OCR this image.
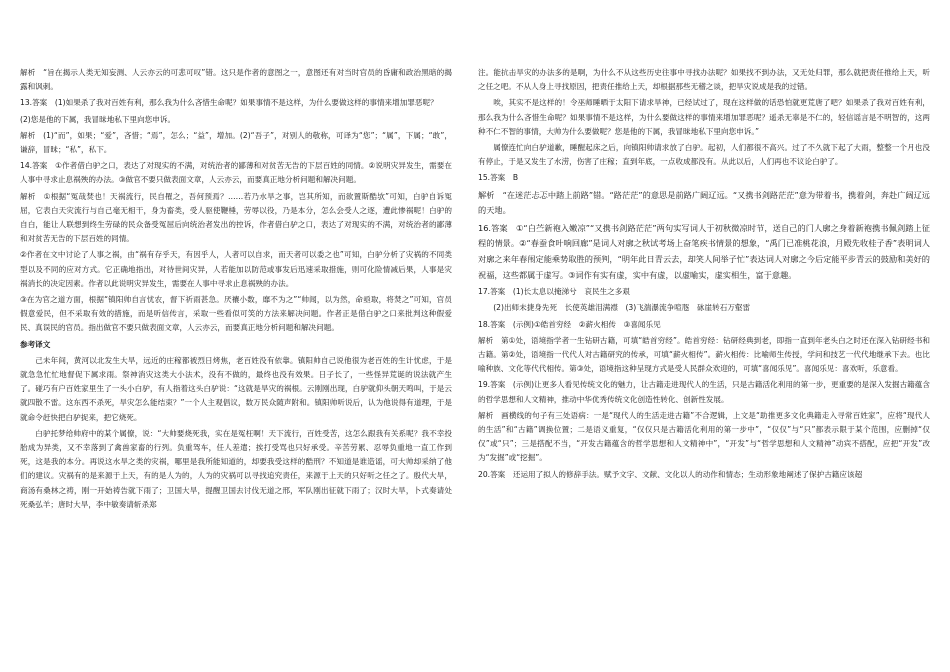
解析　“旨在揭示人类无知妄测、人云亦云的可悲可叹”错。这只是作者的意图之一，意图还有对当时官员的昏庸和政治黑暗的揭露和讽刺。

13.答案　(1)如果杀了我对百姓有利，那么我为什么吝惜生命呢？如果事情不是这样，为什么要做这样的事情来增加罪恶呢？

(2)您是他的下属，我冒昧地私下里向您申诉。

解析　(1)“而”，如果；“爱”，吝惜；“焉”，怎么；“益”，增加。(2)“吾子”，对别人的敬称，可译为“您”；“属”，下属；“敢”，谦辞，冒昧；“私”，私下。

14.答案　①作者借白驴之口，表达了对现实的不满，对统治者的鄙薄和对贫苦无告的下层百姓的同情。②说明灾异发生，需要在人事中寻求止息祸殃的办法。③做官不要只做表面文章，人云亦云，而要真正地分析问题和解决问题。

解析　①根据“冤哉焚也！天祸流行，民自罹之，吾何预焉？……若乃水旱之事，岂其所知，而欲置斯酷欤”可知，白驴自诉冤屈，它表白天灾流行与自己毫无相干，身为畜类，受人驱使鞭棰，劳辱以役，乃是本分，怎么会受人之逐，遭此惨祸呢！白驴的自白，能让人联想到终生劳碌的民众备受冤屈后向统治者发出的控诉，作者借白驴之口，表达了对现实的不满，对统治者的鄙薄和对贫苦无告的下层百姓的同情。

②作者在文中讨论了人事之祸，由“祸有存乎天，有因乎人，人者可以自求，而天者可以委之也”可知，白驴分析了灾祸的不同类型以及不同的应对方式。它正确地指出，对待世间灾异，人若能加以防范或事发后迅速采取措施，则可化险情减后果，人事是灾祸消长的决定因素。作者以此说明灾异发生，需要在人事中寻求止息祸殃的办法。

③在为官之道方面，根据“镇阳帅自言忧农，督下祈雨甚急。厌禳小数，靡不为之”“帅闻，以为然，命亟取，将焚之”可知，官员假意爱民，但不采取有效的措施，而是听信传言，采取一些看似可笑的方法来解决问题。作者正是借白驴之口来批判这种假爱民、真误民的官员。指出做官不要只做表面文章，人云亦云，而要真正地分析问题和解决问题。

参考译文

己未年间，黄河以北发生大旱，远近的庄稼都被烈日烤焦，老百姓没有依靠。镇阳帅自己说他很为老百姓的生计忧虑，于是就急急忙忙地督促下属求雨。祭神消灾这类大小法术，没有不做的，最终也没有效果。日子长了，一些怪异荒诞的说法就产生了。碰巧有户百姓家里生了一头小白驴，有人指着这头白驴说：“这就是旱灾的祸根。云刚刚出现，白驴就仰头朝天鸣叫，于是云就四散不雷。这东西不杀死，旱灾怎么能结束？”一个人主观倡议，数万民众随声附和。镇阳帅听说后，认为他说得有道理，于是就命令赶快把白驴捉来，把它烧死。

白驴托梦给帅府中的某个属僚，说：“大帅要烧死我，实在是冤枉啊！天下流行，百姓受苦，这怎么跟我有关系呢？我不幸投胎成为异类，又不幸落到了禽兽家畜的行列。负重驾车，任人差遣；挨打受骂也只好承受。辛苦劳累、忍辱负重地一直工作到死，这是我的本分。再说这水旱之类的灾祸，哪里是我所能知道的，却要我受这样的酷刑？不知道是谁造谣，可大帅却采纳了他们的建议。灾祸有的是来源于上天，有的是人为的，人为的灾祸可以寻找追究责任，来源于上天的只好听之任之了。殷代大旱，商汤有桑林之祷，刚一开始祷告就下雨了；卫国大旱，提醒卫国去讨伐无道之邢，军队刚出征就下雨了；汉时大旱，卜式奏请处死桑弘羊；唐时大旱，李中敏奏请斩杀郑

注。能抗击旱灾的办法多的是啊，为什么不从这些历史往事中寻找办法呢？如果找不到办法，又无处归罪，那么就把责任推给上天，听之任之吧。不从人身上寻找原因，把责任推给上天，却根据那些无稽之谈，把旱灾说成是我的过错。

唉，其实不是这样的！令巫师睡晒于太阳下请求旱神，已经试过了，现在这样做的话恐怕就更荒唐了吧？如果杀了我对百姓有利，那么我为什么吝惜生命呢？如果事情不是这样，为什么要做这样的事情来增加罪恶呢？遥杀无辜是不仁的，轻信谣言是不明智的，这两种不仁不智的事情，大帅为什么要做呢？您是他的下属，我冒昧地私下里向您申诉。”

属僚连忙向白驴道歉，睡醒起床之后，向镇阳帅请求放了白驴。起初，人们都很不高兴。过了不久就下起了大雨，整整一个月也没有停止，于是又发生了水涝，伤害了庄稼；直到年底，一点收成都没有。从此以后，人们再也不议论白驴了。

15.答案　B

解析　“在迷茫忐忑中踏上前路”错。“路茫茫”的意思是前路广阔辽远。“又携书剑路茫茫”意为带着书，携着剑，奔赴广阔辽远的天地。

16.答案　①“白苎新袍入嫩凉”“又携书剑路茫茫”两句实写词人于初秋微凉时节，送自己的门人廓之身着新袍携书佩剑踏上征程的情景。②“春蚕食叶响回廊”是词人对廓之秋试考场上奋笔疾书情景的想象，“禹门已准桃花浪，月殿先收桂子香”表明词人对廓之来年春闱定能乘势取胜的预判，“明年此日青云去，却笑人间举子忙”表达词人对廓之今后定能平步青云的鼓励和美好的祝福，这些都属于虚写。③词作有实有虚，实中有虚，以虚喻实，虚实相生，富于意趣。

17.答案　(1)长太息以掩涕兮　哀民生之多艰

(2)出师未捷身先死　长使英雄泪满襟　(3)飞湍瀑流争喧豗　砯崖转石万壑雷

18.答案　(示例)①皓首穷经　②薪火相传　③喜闻乐见

解析　第①处，语境指学者一生钻研古籍，可填“皓首穷经”。皓首穷经：钻研经典到老，即指一直到年老头白之时还在深入钻研经书和古籍。第②处，语境指一代代人对古籍研究的传承，可填“薪火相传”。薪火相传：比喻师生传授，学问和技艺一代代地继承下去。也比喻种族、文化等代代相传。第③处，语境指这种呈现方式是受人民群众欢迎的，可填“喜闻乐见”。喜闻乐见：喜欢听，乐意看。

19.答案　(示例)让更多人看见传统文化的魅力，让古籍走进现代人的生活，只是古籍活化利用的第一步，更重要的是深入发掘古籍蕴含的哲学思想和人文精神，推动中华优秀传统文化创造性转化、创新性发展。

解析　画横线的句子有三处语病：一是“现代人的生活走进古籍”不合逻辑，上文是“助推更多文化典籍走入寻常百姓家”，应将“现代人的生活”和“古籍”调换位置；二是语义重复，“仅仅只是古籍活化利用的第一步中”，“仅仅”与“只”都表示限于某个范围，应删掉“仅仅”或“只”；三是搭配不当，“开发古籍蕴含的哲学思想和人文精神中”，“开发”与“哲学思想和人文精神”动宾不搭配，应把“开发”改为“发掘”或“挖掘”。

20.答案　还运用了拟人的修辞手法。赋予文字、文献、文化以人的动作和情态；生动形象地阐述了保护古籍应该超
